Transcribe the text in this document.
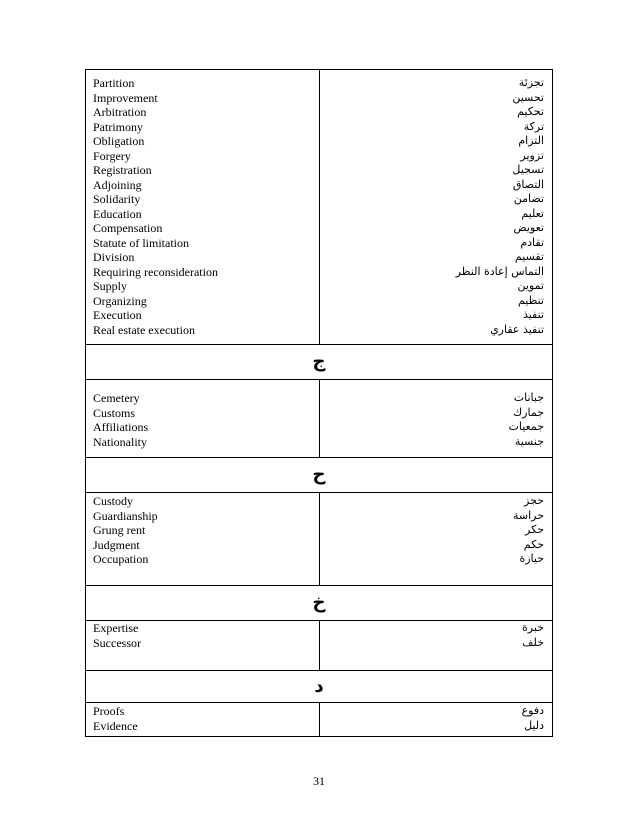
Partition
Improvement
Arbitration
Patrimony
Obligation
Forgery
Registration
Adjoining
Solidarity
Education
Compensation
Statute of limitation
Division
Requiring reconsideration
Supply
Organizing
Execution
Real estate execution
تجزئة
تحسين
تحكيم
تركة
التزام
تزوير
تسجيل
التصاق
تضامن
تعليم
تعويض
تقادم
تقسيم
التماس إعادة النظر
تموين
تنظيم
تنفيذ
تنفيذ عقاري
ج
Cemetery
Customs
Affiliations
Nationality
جبانات
جمارك
جمعيات
جنسية
ح
Custody
Guardianship
Grung rent
Judgment
Occupation
حجز
حراسة
حكر
حكم
حيازة
خ
Expertise
Successor
خبرة
خلف
د
Proofs
Evidence
دفوع
دليل
31
